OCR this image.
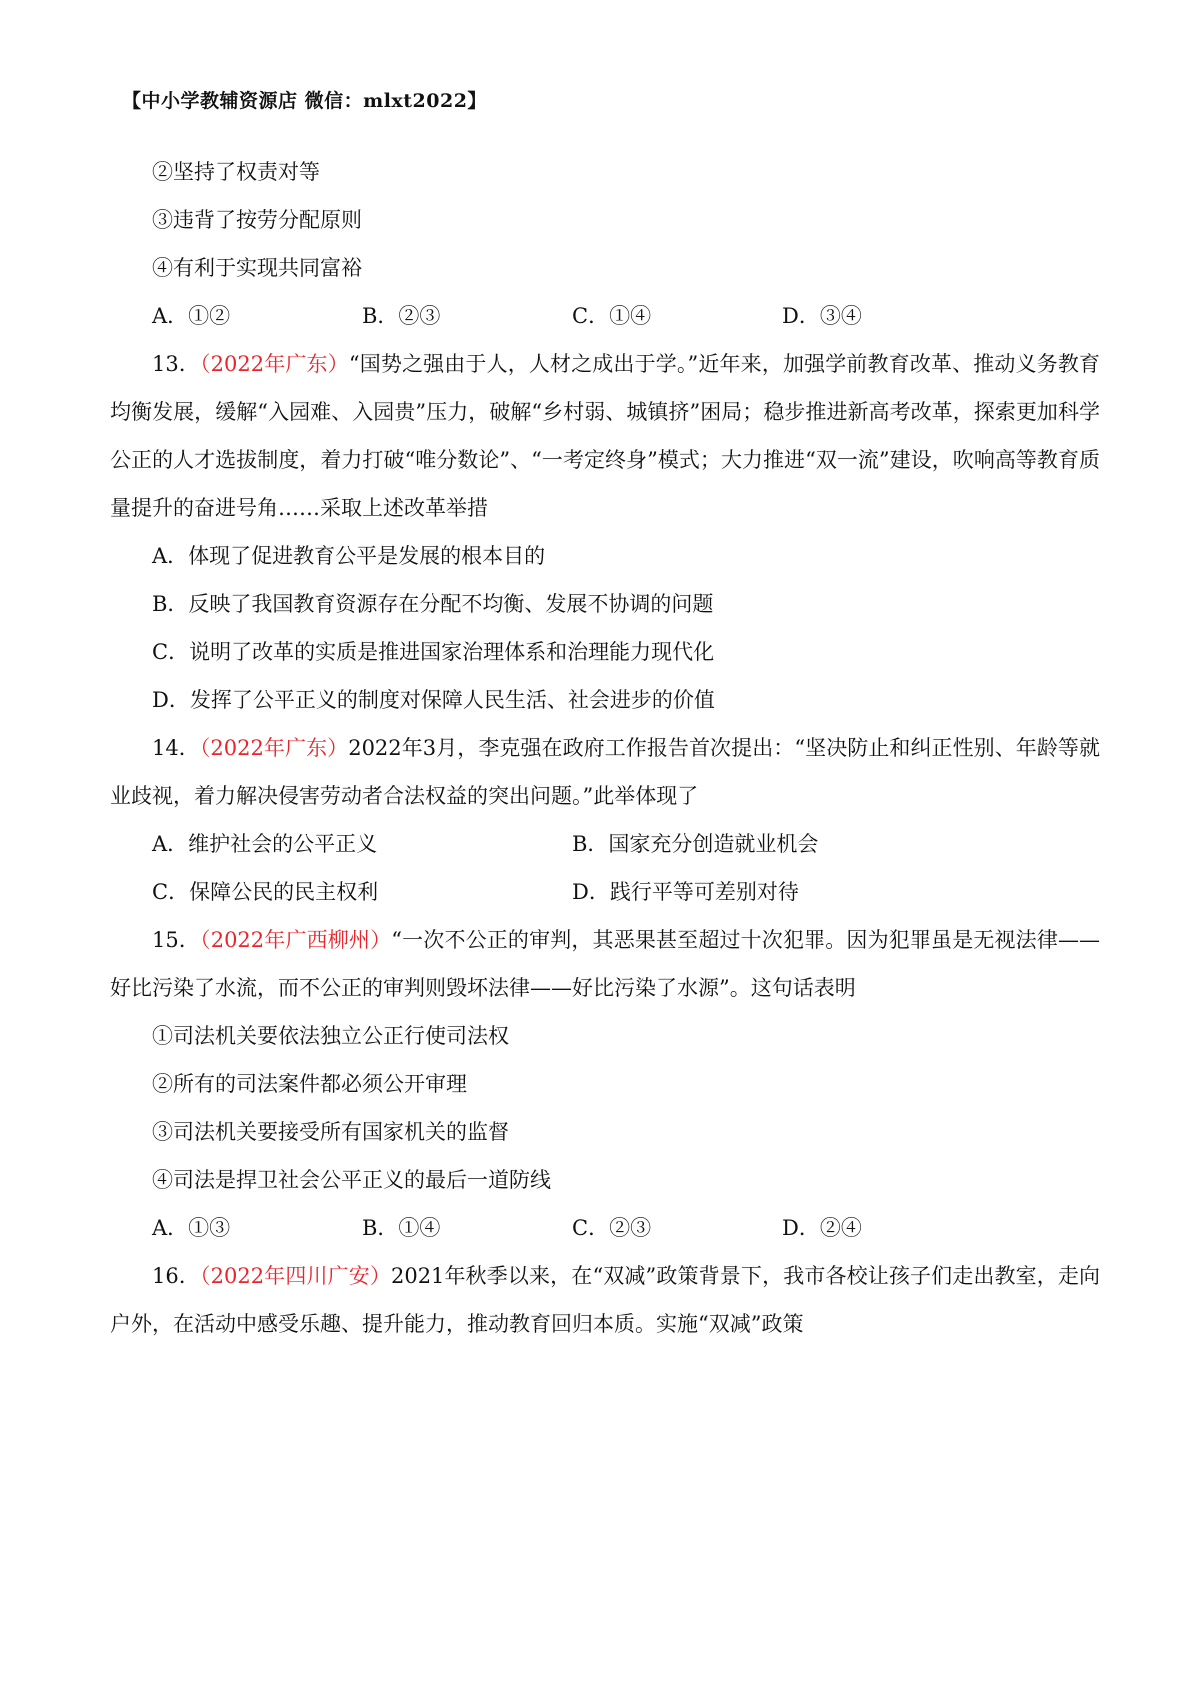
【中小学教辅资源店 微信：mlxt2022】
②坚持了权责对等
③违背了按劳分配原则
④有利于实现共同富裕
A．①②	B．②③	C．①④	D．③④
13．（2022年广东）“国势之强由于人，人材之成出于学。”近年来，加强学前教育改革、推动义务教育均衡发展，缓解“入园难、入园贵”压力，破解“乡村弱、城镇挤”困局；稳步推进新高考改革，探索更加科学公正的人才选拔制度，着力打破“唯分数论”、“一考定终身”模式；大力推进“双一流”建设，吹响高等教育质量提升的奋进号角……采取上述改革举措
A．体现了促进教育公平是发展的根本目的
B．反映了我国教育资源存在分配不均衡、发展不协调的问题
C．说明了改革的实质是推进国家治理体系和治理能力现代化
D．发挥了公平正义的制度对保障人民生活、社会进步的价值
14．（2022年广东）2022年3月，李克强在政府工作报告首次提出：“坚决防止和纠正性别、年龄等就业歧视，着力解决侵害劳动者合法权益的突出问题。”此举体现了
A．维护社会的公平正义	B．国家充分创造就业机会
C．保障公民的民主权利	D．践行平等可差别对待
15．（2022年广西柳州）“一次不公正的审判，其恶果甚至超过十次犯罪。因为犯罪虽是无视法律——好比污染了水流，而不公正的审判则毁坏法律——好比污染了水源”。这句话表明
①司法机关要依法独立公正行使司法权
②所有的司法案件都必须公开审理
③司法机关要接受所有国家机关的监督
④司法是捍卫社会公平正义的最后一道防线
A．①③	B．①④	C．②③	D．②④
16．（2022年四川广安）2021年秋季以来，在“双减”政策背景下，我市各校让孩子们走出教室，走向户外，在活动中感受乐趣、提升能力，推动教育回归本质。实施“双减”政策
